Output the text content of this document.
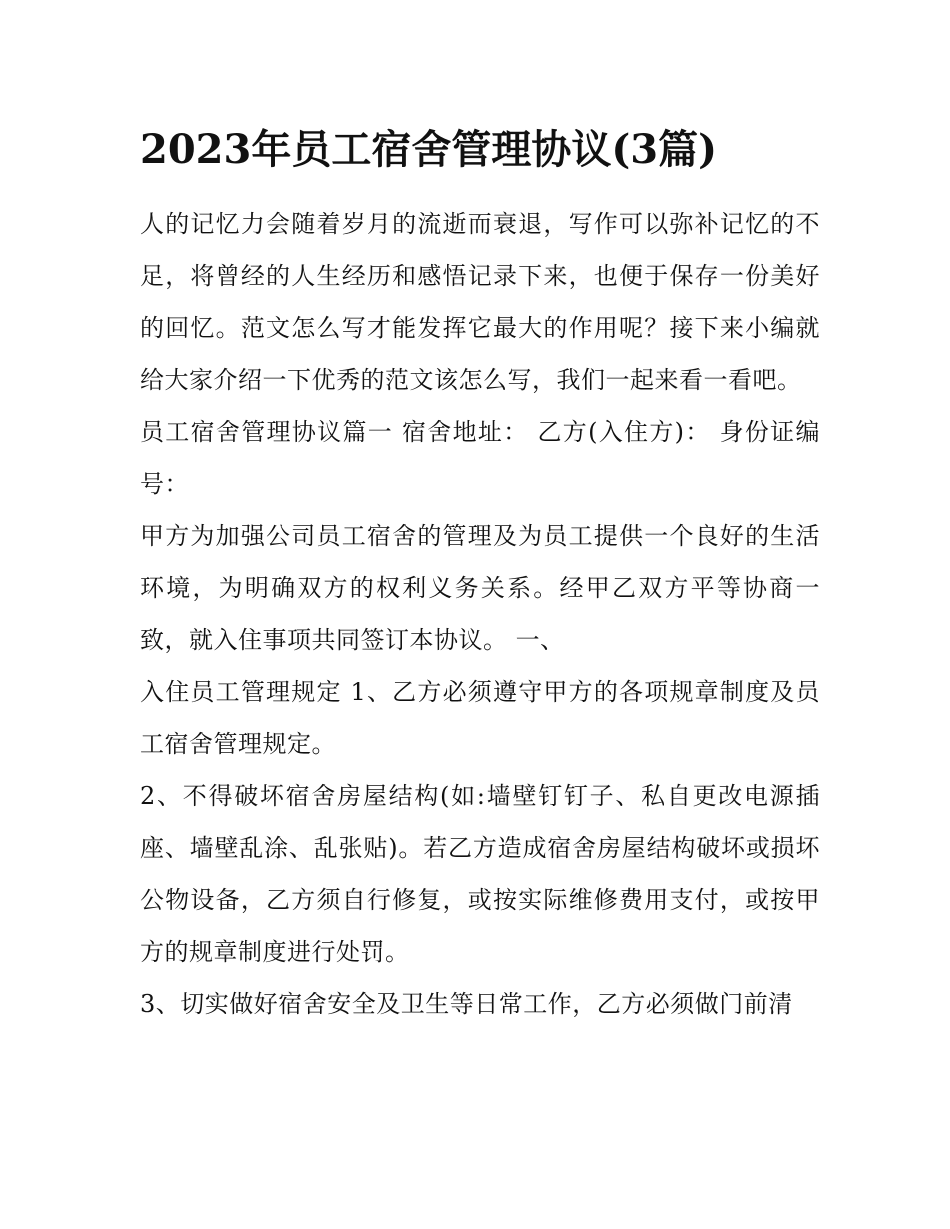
2023年员工宿舍管理协议(3篇)

人的记忆力会随着岁月的流逝而衰退，写作可以弥补记忆的不足，将曾经的人生经历和感悟记录下来，也便于保存一份美好的回忆。范文怎么写才能发挥它最大的作用呢？接下来小编就给大家介绍一下优秀的范文该怎么写，我们一起来看一看吧。

员工宿舍管理协议篇一 宿舍地址： 乙方(入住方)： 身份证编号：

甲方为加强公司员工宿舍的管理及为员工提供一个良好的生活环境，为明确双方的权利义务关系。经甲乙双方平等协商一致，就入住事项共同签订本协议。 一、

入住员工管理规定 1、乙方必须遵守甲方的各项规章制度及员工宿舍管理规定。

2、不得破坏宿舍房屋结构(如:墙壁钉钉子、私自更改电源插座、墙壁乱涂、乱张贴)。若乙方造成宿舍房屋结构破坏或损坏公物设备，乙方须自行修复，或按实际维修费用支付，或按甲方的规章制度进行处罚。

3、切实做好宿舍安全及卫生等日常工作，乙方必须做门前清
